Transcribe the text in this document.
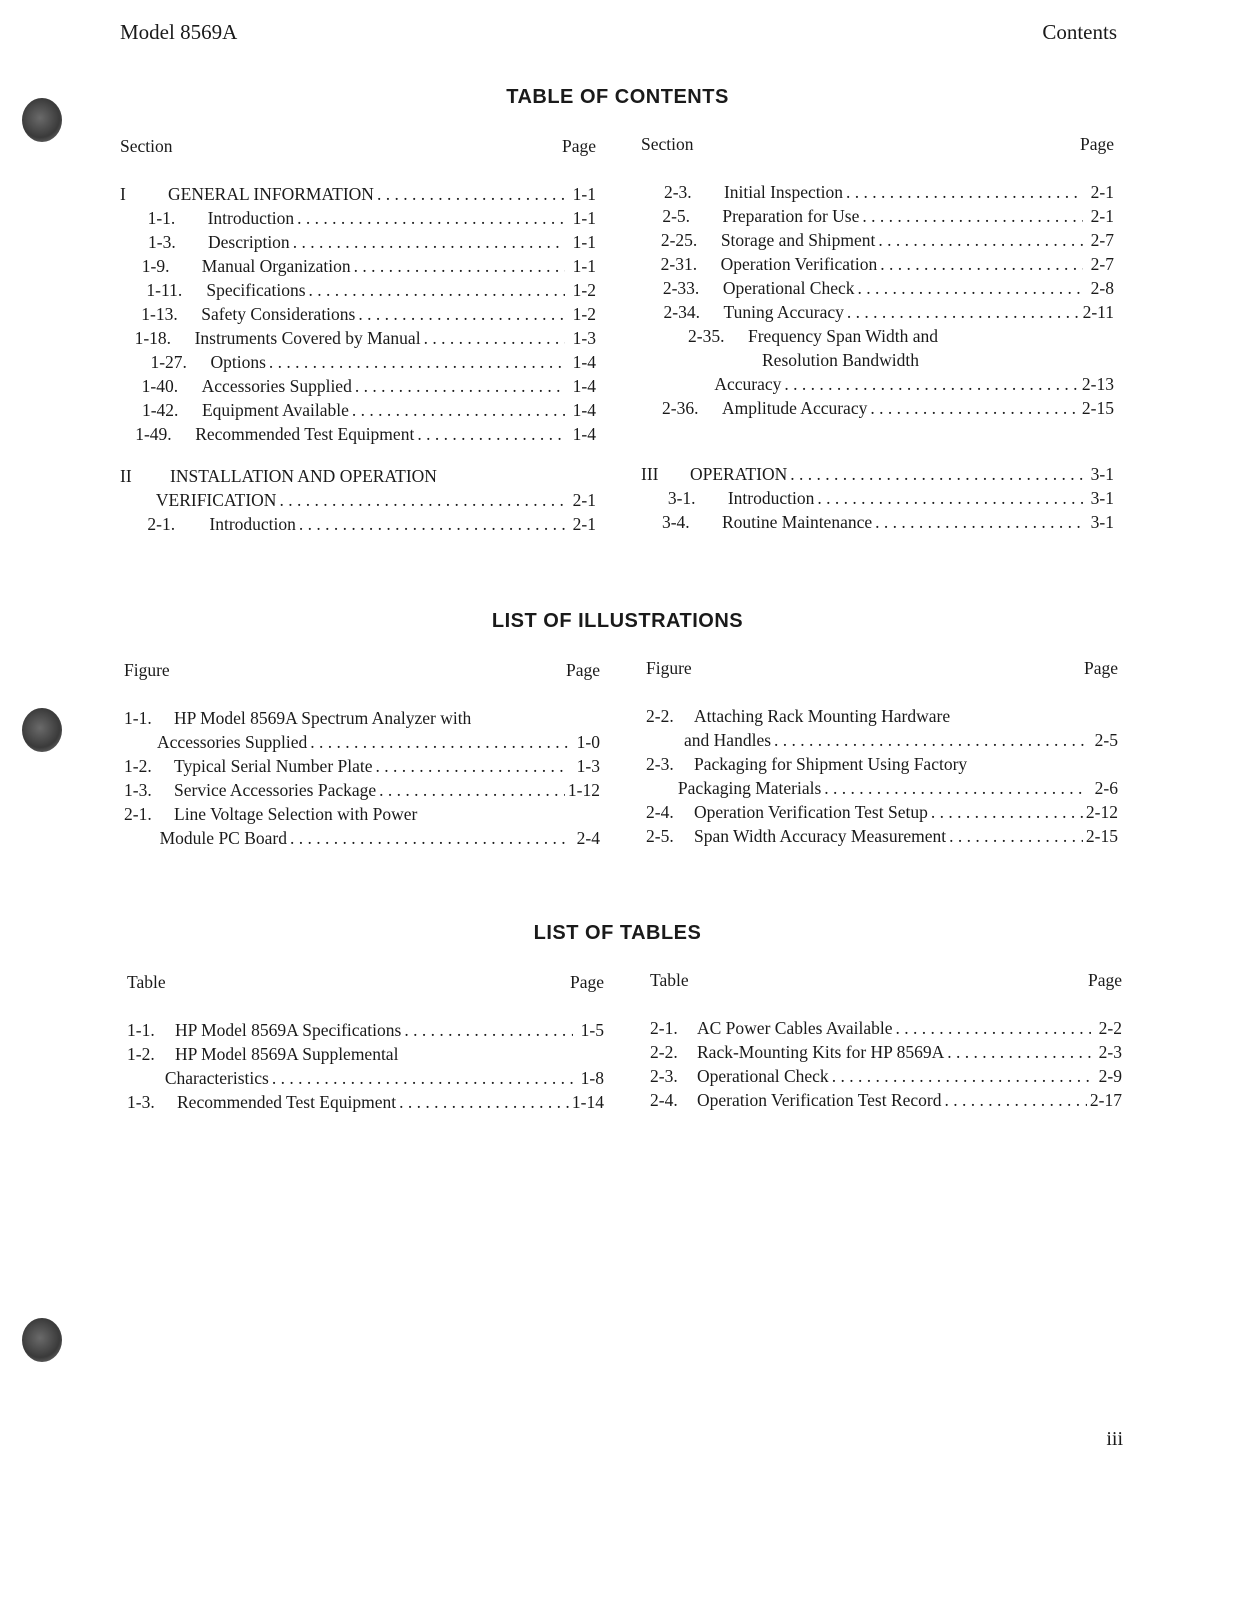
Model 8569A	Contents
TABLE OF CONTENTS
Section	Page
I	GENERAL INFORMATION . . .	1-1
1-1.	Introduction . . .	1-1
1-3.	Description . . .	1-1
1-9.	Manual Organization . . .	1-1
1-11.	Specifications . . .	1-2
1-13.	Safety Considerations . . .	1-2
1-18.	Instruments Covered by Manual . . .	1-3
1-27.	Options . . .	1-4
1-40.	Accessories Supplied . . .	1-4
1-42.	Equipment Available . . .	1-4
1-49.	Recommended Test Equipment . . .	1-4
II	INSTALLATION AND OPERATION
VERIFICATION . . .	2-1
2-1.	Introduction . . .	2-1
Section	Page
2-3.	Initial Inspection . . .	2-1
2-5.	Preparation for Use . . .	2-1
2-25.	Storage and Shipment . . .	2-7
2-31.	Operation Verification . . .	2-7
2-33.	Operational Check . . .	2-8
2-34.	Tuning Accuracy . . .	2-11
2-35.	Frequency Span Width and
Resolution Bandwidth
Accuracy . . .	2-13
2-36.	Amplitude Accuracy . . .	2-15
III	OPERATION . . .	3-1
3-1.	Introduction . . .	3-1
3-4.	Routine Maintenance . . .	3-1
LIST OF ILLUSTRATIONS
Figure	Page
1-1.	HP Model 8569A Spectrum Analyzer with
Accessories Supplied . . .	1-0
1-2.	Typical Serial Number Plate . . .	1-3
1-3.	Service Accessories Package . . .	1-12
2-1.	Line Voltage Selection with Power
Module PC Board . . .	2-4
Figure	Page
2-2.	Attaching Rack Mounting Hardware
and Handles . . .	2-5
2-3.	Packaging for Shipment Using Factory
Packaging Materials . . .	2-6
2-4.	Operation Verification Test Setup . . .	2-12
2-5.	Span Width Accuracy Measurement . . .	2-15
LIST OF TABLES
Table	Page
1-1.	HP Model 8569A Specifications . . .	1-5
1-2.	HP Model 8569A Supplemental
Characteristics . . .	1-8
1-3.	Recommended Test Equipment . . .	1-14
Table	Page
2-1.	AC Power Cables Available . . .	2-2
2-2.	Rack-Mounting Kits for HP 8569A . . .	2-3
2-3.	Operational Check . . .	2-9
2-4.	Operation Verification Test Record . . .	2-17
iii
